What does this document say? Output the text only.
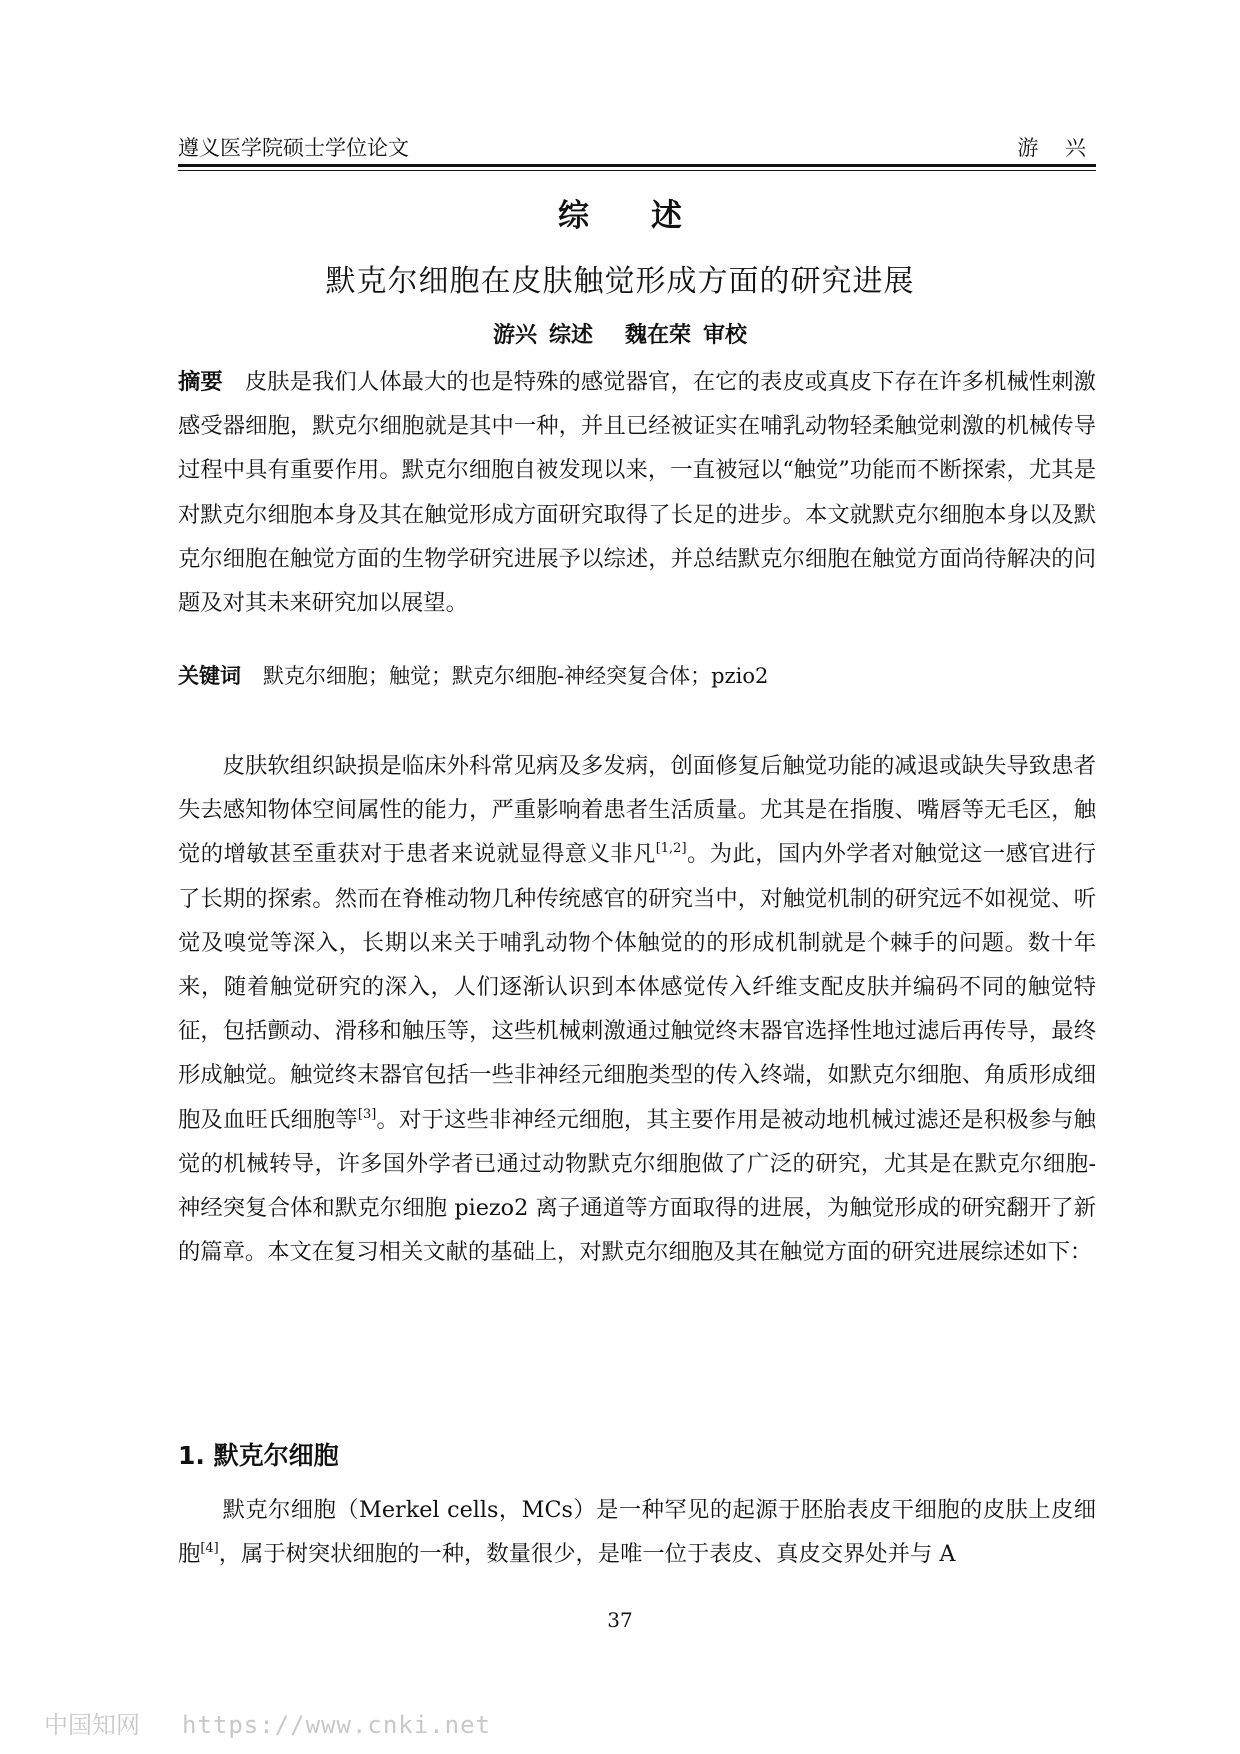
遵义医学院硕士学位论文	游 兴
综述
默克尔细胞在皮肤触觉形成方面的研究进展
游兴 综述 魏在荣 审校
摘要 皮肤是我们人体最大的也是特殊的感觉器官，在它的表皮或真皮下存在许多机械性刺激感受器细胞，默克尔细胞就是其中一种，并且已经被证实在哺乳动物轻柔触觉刺激的机械传导过程中具有重要作用。默克尔细胞自被发现以来，一直被冠以“触觉”功能而不断探索，尤其是对默克尔细胞本身及其在触觉形成方面研究取得了长足的进步。本文就默克尔细胞本身以及默克尔细胞在触觉方面的生物学研究进展予以综述，并总结默克尔细胞在触觉方面尚待解决的问题及对其未来研究加以展望。
关键词 默克尔细胞；触觉；默克尔细胞-神经突复合体；pzio2
皮肤软组织缺损是临床外科常见病及多发病，创面修复后触觉功能的减退或缺失导致患者失去感知物体空间属性的能力，严重影响着患者生活质量。尤其是在指腹、嘴唇等无毛区，触觉的增敏甚至重获对于患者来说就显得意义非凡[1,2]。为此，国内外学者对触觉这一感官进行了长期的探索。然而在脊椎动物几种传统感官的研究当中，对触觉机制的研究远不如视觉、听觉及嗅觉等深入，长期以来关于哺乳动物个体触觉的的形成机制就是个棘手的问题。数十年来，随着触觉研究的深入，人们逐渐认识到本体感觉传入纤维支配皮肤并编码不同的触觉特征，包括颤动、滑移和触压等，这些机械刺激通过触觉终末器官选择性地过滤后再传导，最终形成触觉。触觉终末器官包括一些非神经元细胞类型的传入终端，如默克尔细胞、角质形成细胞及血旺氏细胞等[3]。对于这些非神经元细胞，其主要作用是被动地机械过滤还是积极参与触觉的机械转导，许多国外学者已通过动物默克尔细胞做了广泛的研究，尤其是在默克尔细胞-神经突复合体和默克尔细胞 piezo2 离子通道等方面取得的进展，为触觉形成的研究翻开了新的篇章。本文在复习相关文献的基础上，对默克尔细胞及其在触觉方面的研究进展综述如下：
1. 默克尔细胞
默克尔细胞（Merkel cells，MCs）是一种罕见的起源于胚胎表皮干细胞的皮肤上皮细胞[4]，属于树突状细胞的一种，数量很少，是唯一位于表皮、真皮交界处并与 A
37
中国知网 https://www.cnki.net
